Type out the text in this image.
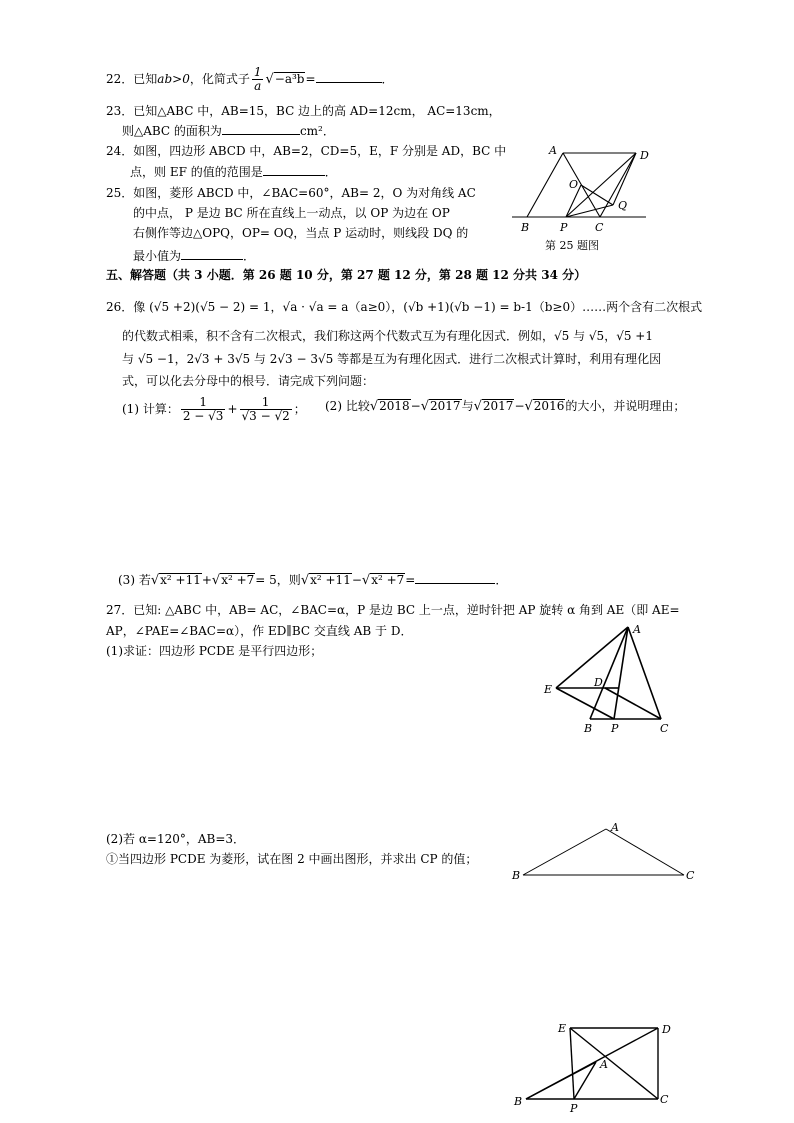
22．已知ab>0，化简式子 $\frac{1}{a} √-a^3b=$	．
23．已知△ABC 中，AB=15，BC 边上的高 AD=12cm， AC=13cm，
则△ABC 的面积为	cm²．
24．如图，四边形 ABCD 中，AB=2，CD=5，E，F 分别是 AD，BC 中
点，则 EF 的值的范围是	．
25．如图，菱形 ABCD 中，∠BAC=60°，AB= 2，O 为对角线 AC
的中点， P 是边 BC 所在直线上一动点，以 OP 为边在 OP
右侧作等边△OPQ，OP= OQ，当点 P 运动时，则线段 DQ 的
最小值为	．
A	D
O
Q
B	P	C
第 25 题图
五、解答题（共 3 小题．第 26 题 10 分，第 27 题 12 分，第 28 题 12 分共 34 分）
26．像 (√5 +2)(√5 − 2) = 1，√a · √a = a（a≥0），(√b +1)(√b −1) = b-1（b≥0）……两个含有二次根式
的代数式相乘，积不含有二次根式，我们称这两个代数式互为有理化因式．例如，√5 与 √5，√5 +1
与 √5 −1，2√3 + 3√5 与 2√3 − 3√5 等都是互为有理化因式．进行二次根式计算时，利用有理化因
式，可以化去分母中的根号．请完成下列问题：
(1) 计算： $\frac{1}{2 - √3} + \frac{1}{√3 - √2}$ ； (2) 比较√2018−√2017与√2017−√2016的大小，并说明理由；
(3) 若√x² +11+√x² +7= 5，则√x² +11−√x² +7=	．
27．已知: △ABC 中，AB= AC，∠BAC=α，P 是边 BC 上一点，逆时针把 AP 旋转 α 角到 AE（即 AE=
AP，∠PAE=∠BAC=α），作 ED∥BC 交直线 AB 于 D．
(1)求证：四边形 PCDE 是平行四边形；
A
D
E
B P	C
(2)若 α=120°，AB=3．
①当四边形 PCDE 为菱形，试在图 2 中画出图形，并求出 CP 的值；
A
B	C
E	D
A
B
P
C
